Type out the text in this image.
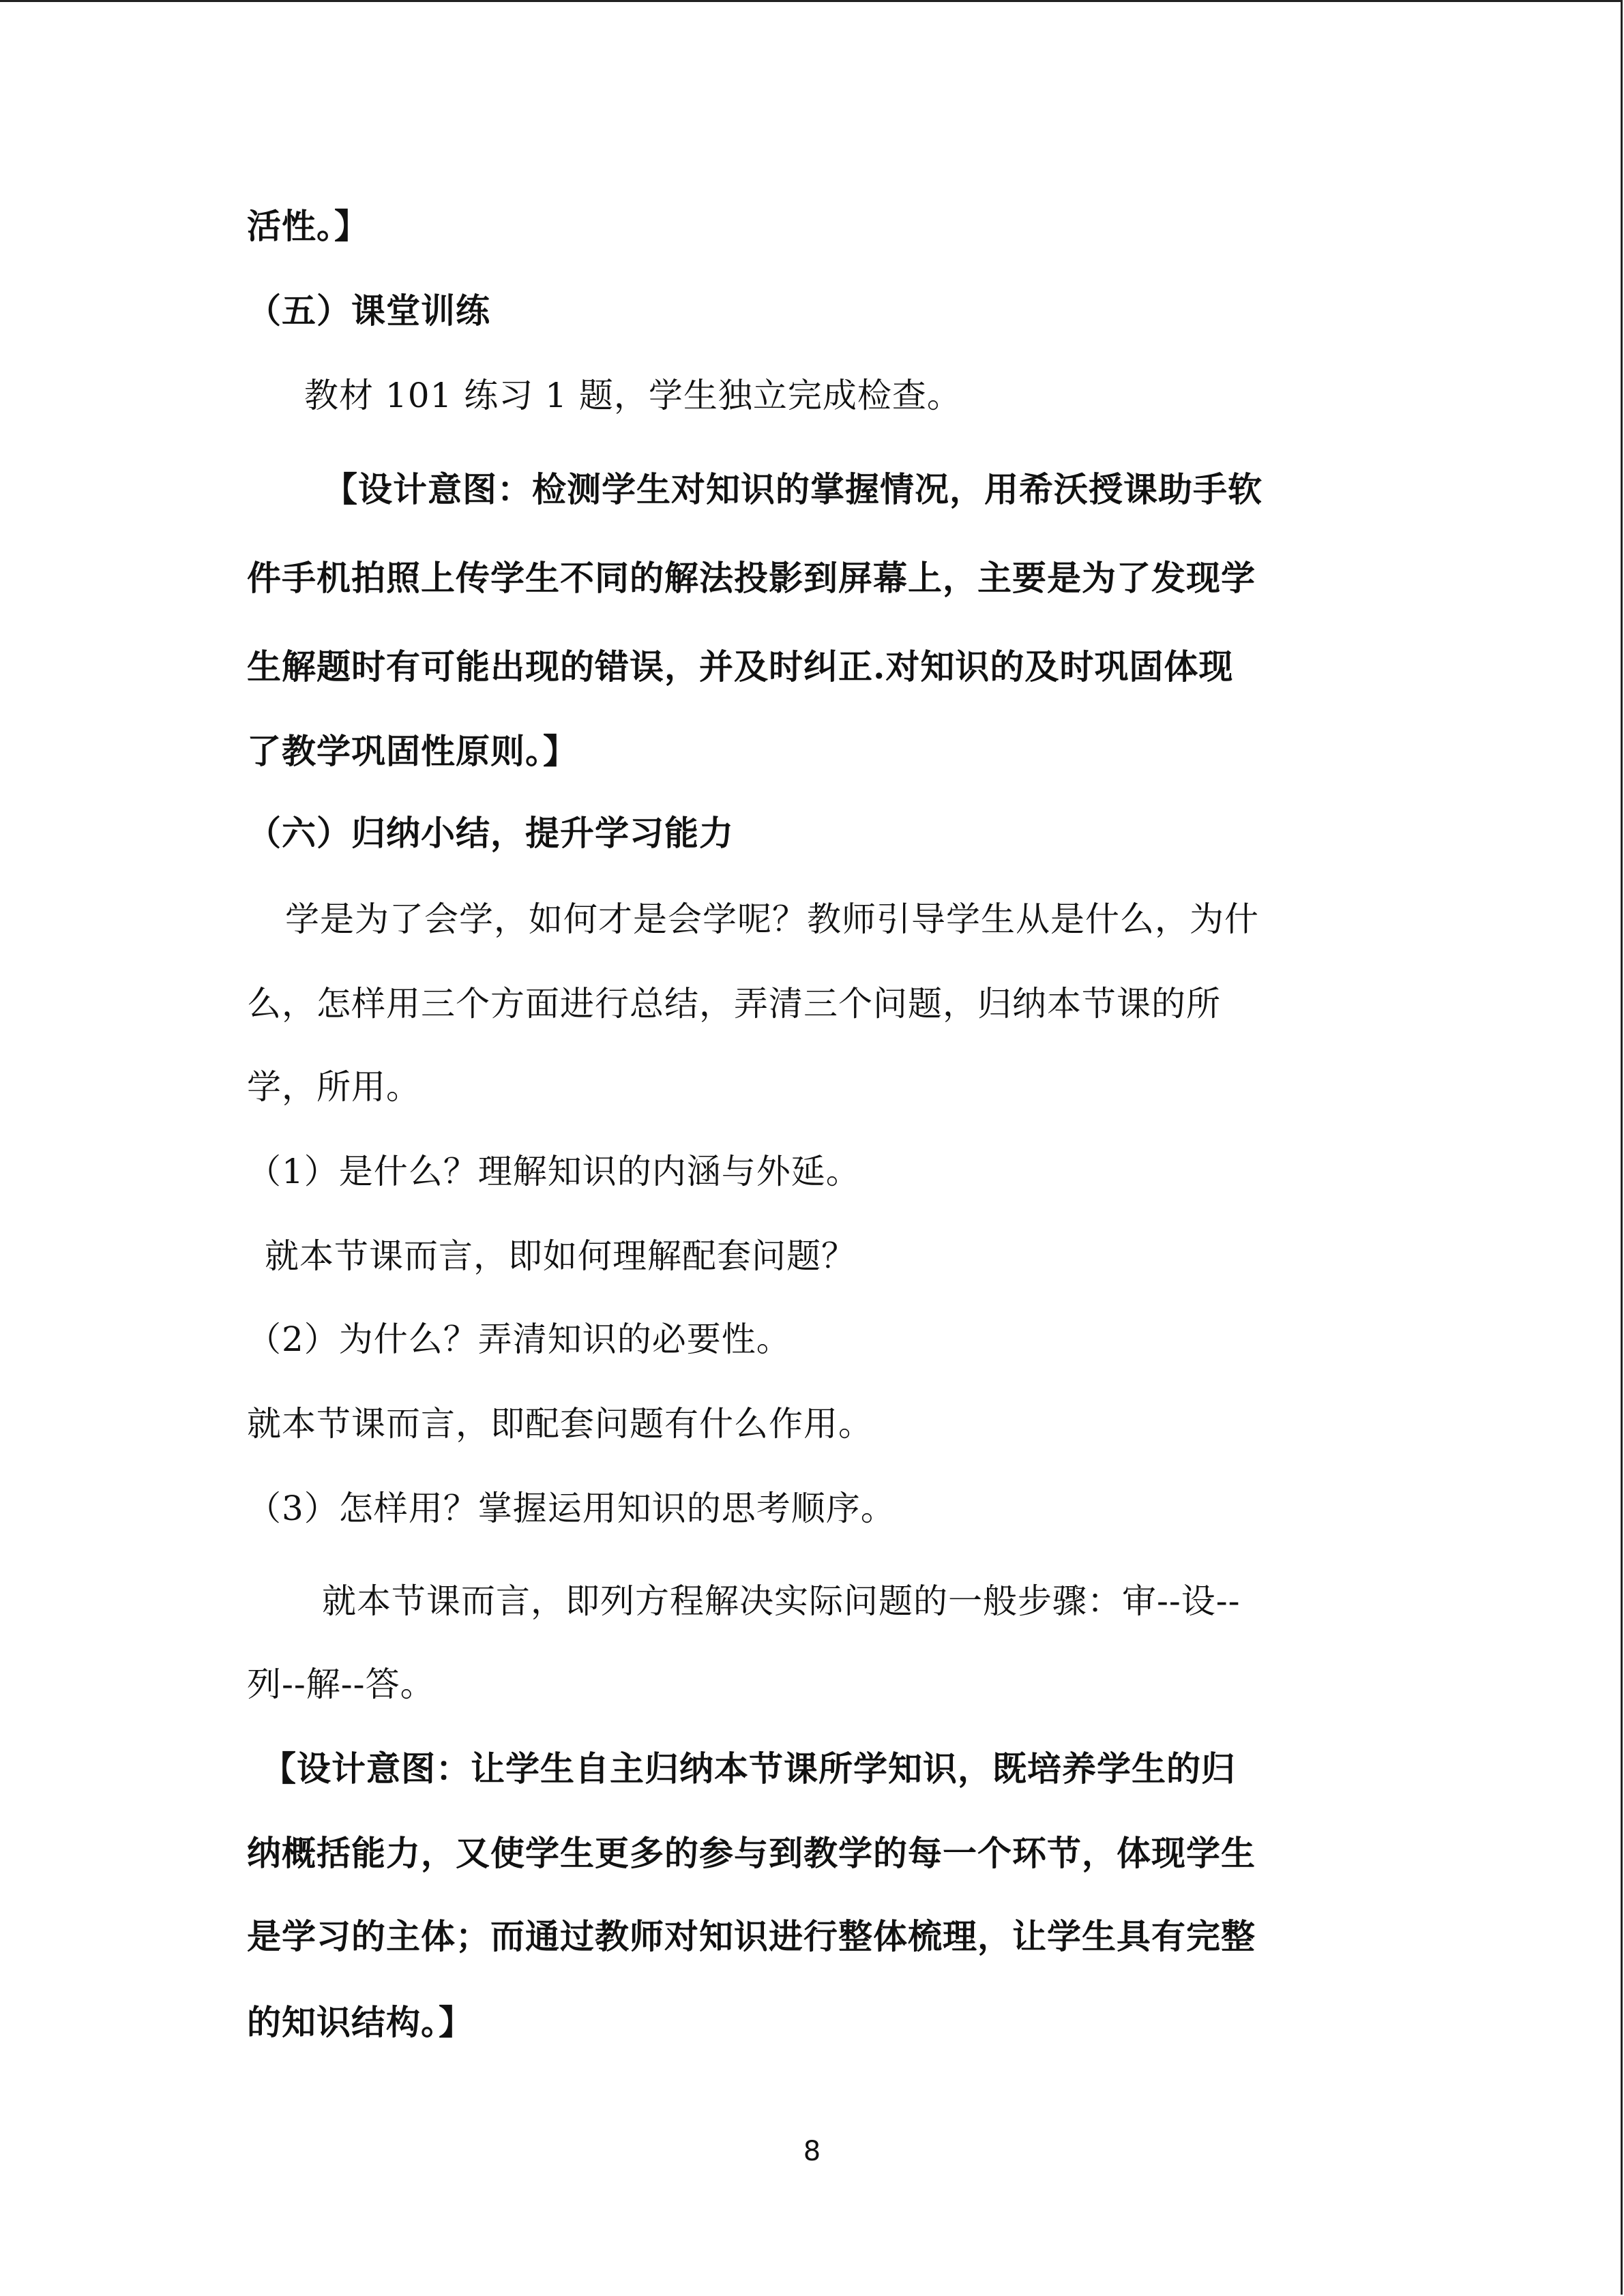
活性。】
（五）课堂训练
教材 101 练习 1 题，学生独立完成检查。
【设计意图：检测学生对知识的掌握情况，用希沃授课助手软
件手机拍照上传学生不同的解法投影到屏幕上，主要是为了发现学
生解题时有可能出现的错误，并及时纠正.对知识的及时巩固体现
了教学巩固性原则。】
（六）归纳小结，提升学习能力
学是为了会学，如何才是会学呢？教师引导学生从是什么，为什
么，怎样用三个方面进行总结，弄清三个问题，归纳本节课的所
学，所用。
（1）是什么？理解知识的内涵与外延。
就本节课而言，即如何理解配套问题？
（2）为什么？弄清知识的必要性。
就本节课而言，即配套问题有什么作用。
（3）怎样用？掌握运用知识的思考顺序。
就本节课而言，即列方程解决实际问题的一般步骤：审--设--
列--解--答。
【设计意图：让学生自主归纳本节课所学知识，既培养学生的归
纳概括能力，又使学生更多的参与到教学的每一个环节，体现学生
是学习的主体；而通过教师对知识进行整体梳理，让学生具有完整
的知识结构。】
8
